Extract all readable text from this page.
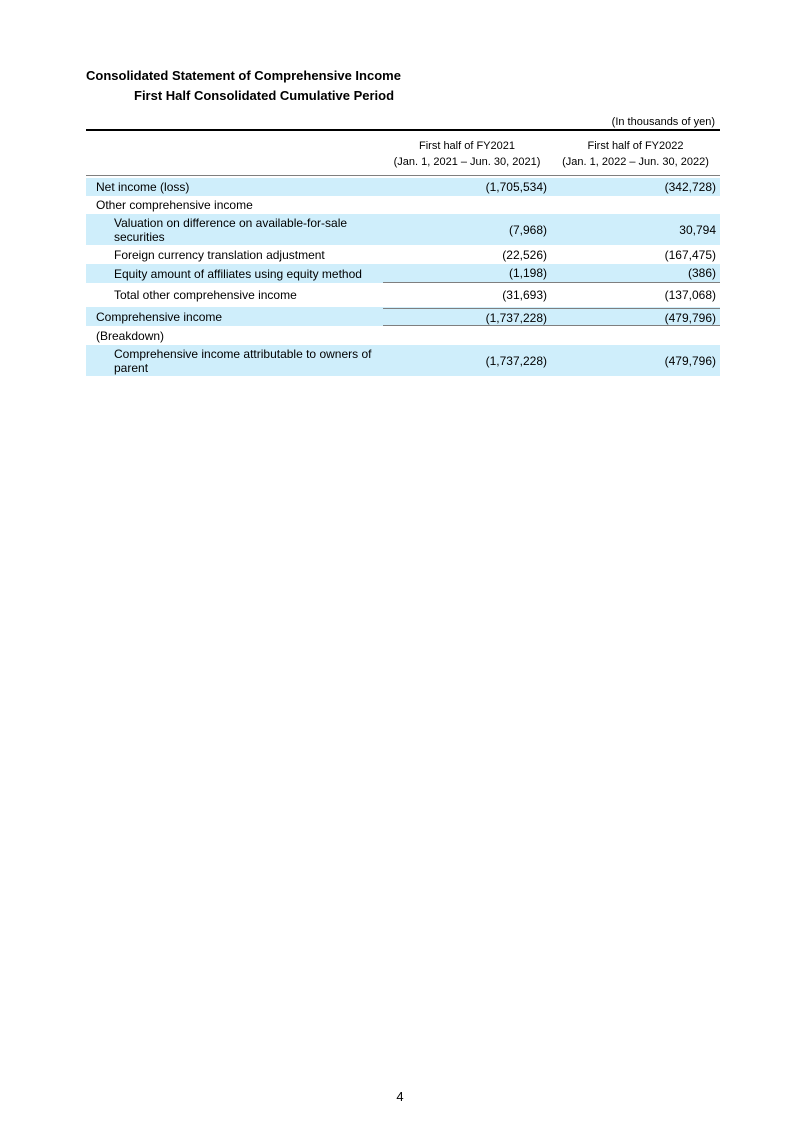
Consolidated Statement of Comprehensive Income
First Half Consolidated Cumulative Period
(In thousands of yen)
First half of FY2021
(Jan. 1, 2021 – Jun. 30, 2021)
First half of FY2022
(Jan. 1, 2022 – Jun. 30, 2022)
Net income (loss)	(1,705,534)	(342,728)
Other comprehensive income
Valuation on difference on available-for-sale securities	(7,968)	30,794
Foreign currency translation adjustment	(22,526)	(167,475)
Equity amount of affiliates using equity method	(1,198)	(386)
Total other comprehensive income	(31,693)	(137,068)
Comprehensive income	(1,737,228)	(479,796)
(Breakdown)
Comprehensive income attributable to owners of parent	(1,737,228)	(479,796)
4
